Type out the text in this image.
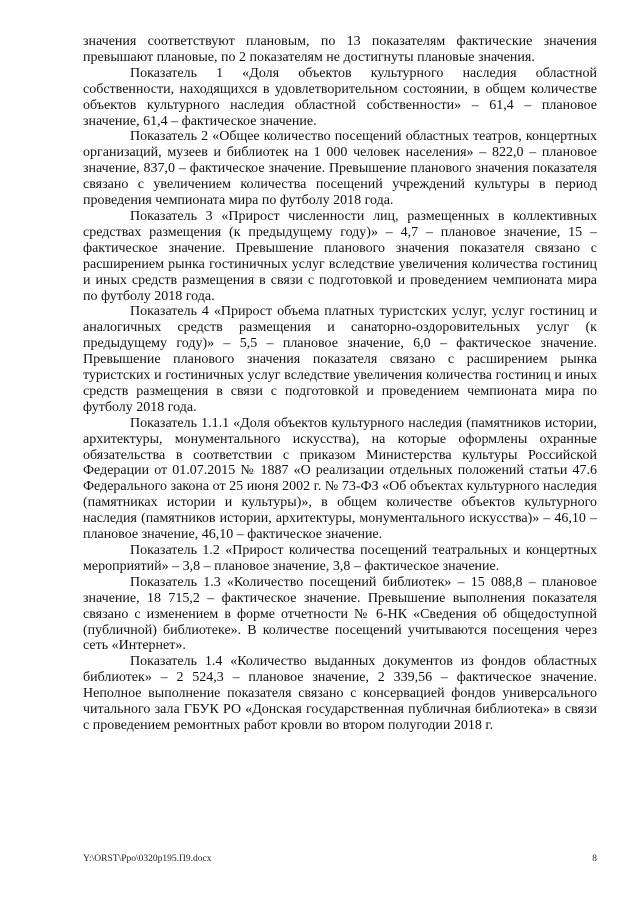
значения соответствуют плановым, по 13 показателям фактические значения превышают плановые, по 2 показателям не достигнуты плановые значения.

Показатель 1 «Доля объектов культурного наследия областной собственности, находящихся в удовлетворительном состоянии, в общем количестве объектов культурного наследия областной собственности» – 61,4 – плановое значение, 61,4 – фактическое значение.

Показатель 2 «Общее количество посещений областных театров, концертных организаций, музеев и библиотек на 1 000 человек населения» – 822,0 – плановое значение, 837,0 – фактическое значение. Превышение планового значения показателя связано с увеличением количества посещений учреждений культуры в период проведения чемпионата мира по футболу 2018 года.

Показатель 3 «Прирост численности лиц, размещенных в коллективных средствах размещения (к предыдущему году)» – 4,7 – плановое значение, 15 – фактическое значение. Превышение планового значения показателя связано с расширением рынка гостиничных услуг вследствие увеличения количества гостиниц и иных средств размещения в связи с подготовкой и проведением чемпионата мира по футболу 2018 года.

Показатель 4 «Прирост объема платных туристских услуг, услуг гостиниц и аналогичных средств размещения и санаторно-оздоровительных услуг (к предыдущему году)» – 5,5 – плановое значение, 6,0 – фактическое значение. Превышение планового значения показателя связано с расширением рынка туристских и гостиничных услуг вследствие увеличения количества гостиниц и иных средств размещения в связи с подготовкой и проведением чемпионата мира по футболу 2018 года.

Показатель 1.1.1 «Доля объектов культурного наследия (памятников истории, архитектуры, монументального искусства), на которые оформлены охранные обязательства в соответствии с приказом Министерства культуры Российской Федерации от 01.07.2015 № 1887 «О реализации отдельных положений статьи 47.6 Федерального закона от 25 июня 2002 г. № 73-ФЗ «Об объектах культурного наследия (памятниках истории и культуры)», в общем количестве объектов культурного наследия (памятников истории, архитектуры, монументального искусства)» – 46,10 – плановое значение, 46,10 – фактическое значение.

Показатель 1.2 «Прирост количества посещений театральных и концертных мероприятий» – 3,8 – плановое значение, 3,8 – фактическое значение.

Показатель 1.3 «Количество посещений библиотек» – 15 088,8 – плановое значение, 18 715,2 – фактическое значение. Превышение выполнения показателя связано с изменением в форме отчетности № 6-НК «Сведения об общедоступной (публичной) библиотеке». В количестве посещений учитываются посещения через сеть «Интернет».

Показатель 1.4 «Количество выданных документов из фондов областных библиотек» – 2 524,3 – плановое значение, 2 339,56 – фактическое значение. Неполное выполнение показателя связано с консервацией фондов универсального читального зала ГБУК РО «Донская государственная публичная библиотека» в связи с проведением ремонтных работ кровли во втором полугодии 2018 г.

Y:\ORST\Ppo\0320p195.П9.docx	8
